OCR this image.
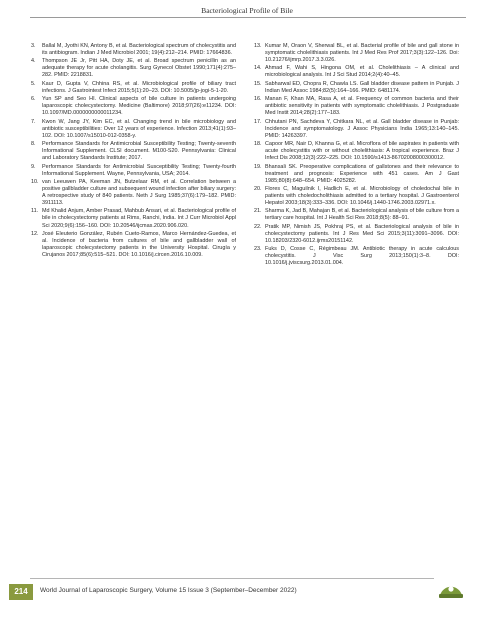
Bacteriological Profile of Bile
3.	Ballal M, Jyothi KN, Antony B, et al. Bacteriological spectrum of cholecystitis and its antibiogram. Indian J Med Microbiol 2001; 19(4):212–214. PMID: 17664836.
4.	Thompson JE Jr, Pitt HA, Doty JE, et al. Broad spectrum penicillin as an adequate therapy for acute cholangitis. Surg Gynecol Obstet 1990;171(4):275–282. PMID: 2218831.
5.	Kaur D, Gupta V, Chhina RS, et al. Microbiological profile of biliary tract infections. J Gastrointest Infect 2015;5(1):20–23. DOI: 10.5005/jp-jogi-5-1-20.
6.	Yun SP and Seo HI. Clinical aspects of bile culture in patients undergoing laparoscopic cholecystectomy. Medicine (Baltimore) 2018;97(26):e11234. DOI: 10.1097/MD.0000000000011234.
7.	Kwon W, Jang JY, Kim EC, et al. Changing trend in bile microbiology and antibiotic susceptibilities: Over 12 years of experience. Infection 2013;41(1):93–102. DOI: 10.1007/s15010-012-0358-y.
8.	Performance Standards for Antimicrobial Susceptibility Testing; Twenty-seventh Informational Supplement. CLSI document. M100-S20. Pennsylvania: Clinical and Laboratory Standards Institute; 2017.
9.	Performance Standards for Antimicrobial Susceptibility Testing; Twenty-fourth Informational Supplement. Wayne, Pennsylvania, USA; 2014.
10. van Leeuwen PA, Keeman JN, Butzelaar RM, et al. Correlation between a positive gallbladder culture and subsequent wound infection after biliary surgery: A retrospective study of 840 patients. Neth J Surg 1985;37(6):179–182. PMID: 3911113.
11. Md Khalid Anjum, Amber Prasad, Mahbub Ansari, et al. Bacteriological profile of bile in cholecystectomy patients at Rims, Ranchi, India. Int J Curr Microbiol Appl Sci 2020;9(6):156–160. DOI: 10.20546/ijcmas.2020.906.020.
12. José Eleuterio González, Rubén Cueto-Ramos, Marco Hernández-Guedea, et al. Incidence of bacteria from cultures of bile and gallbladder wall of laparoscopic cholecystectomy patients in the University Hospital. Cirugía y Cirujanos 2017;85(6):515–521. DOI: 10.1016/j.circen.2016.10.009.
13. Kumar M, Oraon V, Sherwal BL, et al. Bacterial profile of bile and gall stone in symptomatic cholelithiasis patients. Int J Med Res Prof 2017;3(3):122–126. Doi: 10.21276/ijmrp.2017.3.3.026.
14. Ahmad F, Wahi S, Hingona OM, et al. Cholelithiasis – A clinical and microbiological analysis. Int J Sci Stud 2014;2(4):40–45.
15. Sabharwal ED, Chopra R, Chawla LS. Gall bladder disease pattern in Punjab. J Indian Med Assoc 1984;82(5):164–166. PMID: 6481174.
16. Manan F, Khan MA, Rasa A, et al. Frequency of common bacteria and their antibiotic sensitivity in patients with symptomatic cholelithiasis. J Postgraduate Med Instit 2014;28(2):177–183.
17. Chhutani PN, Sachdeva Y, Chitkara NL, et al. Gall bladder disease in Punjab: Incidence and symptomatology. J Assoc Physicians India 1965;13:140–145. PMID: 14263397.
18. Capoor MR, Nair D, Khanna G, et al. Microflora of bile aspirates in patients with acute cholecystitis with or without cholelithiasis: A tropical experience. Braz J Infect Dis 2008;12(3):222–225. DOI: 10.1590/s1413-86702008000300012.
19. Bhansali SK. Preoperative complications of gallstones and their relevance to treatment and prognosis: Experience with 451 cases. Am J Gast 1985;80(8):648–654. PMID: 4025282.
20. Flores C, Maguilnik I, Hadlich E, et al. Microbiology of choledochal bile in patients with choledocholithiasis admitted to a tertiary hospital. J Gastroenterol Hepatol 2003;18(3):333–336. DOI: 10.1046/j.1440-1746.2003.02971.x.
21. Sharma K, Jad B, Mahajan B, et al. Bacteriological analysis of bile culture from a tertiary care hospital. Int J Health Sci Res 2018;8(5): 88–91.
22. Pratik MP, Nimish JS, Pokhraj PS, et al. Bacteriological analysis of bile in cholecystectomy patients. Int J Res Med Sci 2015;3(11):3091–3096. DOI: 10.18203/2320-6012.ijrms20151142.
23. Fuks D, Cosse C, Régimbeau JM. Antibiotic therapy in acute calculous cholecystitis. J Visc Surg 2013;150(1):3–8. DOI: 10.1016/j.jviscsurg.2013.01.004.
214	World Journal of Laparoscopic Surgery, Volume 15 Issue 3 (September–December 2022)
